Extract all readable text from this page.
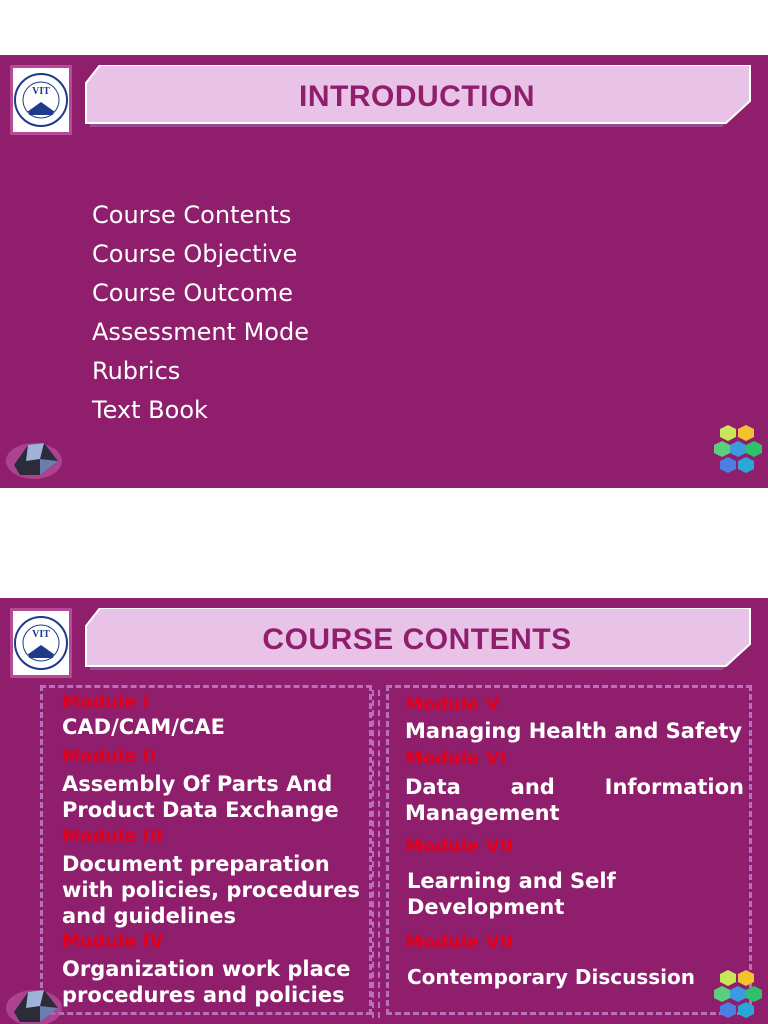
VIT	INTRODUCTION
Course Contents
Course Objective
Course Outcome
Assessment Mode
Rubrics
Text Book
VIT	COURSE CONTENTS
Module I
CAD/CAM/CAE
Module II
Assembly Of Parts And Product Data Exchange
Module III
Document preparation with policies, procedures and guidelines
Module IV
Organization work place procedures and policies
Module V
Managing Health and Safety
Module VI
Data and Information Management
Module VII
Learning and Self Development
Module VII
Contemporary Discussion
